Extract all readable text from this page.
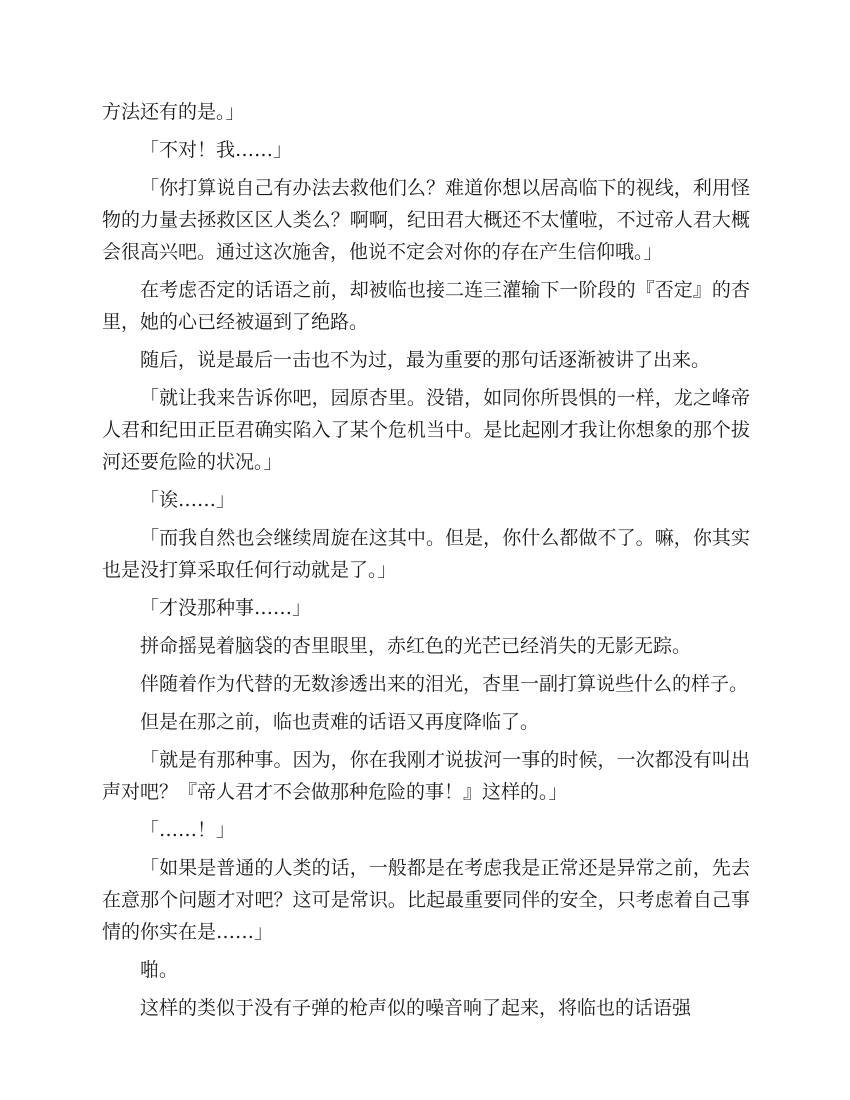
方法还有的是。」

「不对！我……」

「你打算说自己有办法去救他们么？难道你想以居高临下的视线，利用怪物的力量去拯救区区人类么？啊啊，纪田君大概还不太懂啦，不过帝人君大概会很高兴吧。通过这次施舍，他说不定会对你的存在产生信仰哦。」

在考虑否定的话语之前，却被临也接二连三灌输下一阶段的『否定』的杏里，她的心已经被逼到了绝路。

随后，说是最后一击也不为过，最为重要的那句话逐渐被讲了出来。

「就让我来告诉你吧，园原杏里。没错，如同你所畏惧的一样，龙之峰帝人君和纪田正臣君确实陷入了某个危机当中。是比起刚才我让你想象的那个拔河还要危险的状况。」

「诶……」

「而我自然也会继续周旋在这其中。但是，你什么都做不了。嘛，你其实也是没打算采取任何行动就是了。」

「才没那种事……」

拼命摇晃着脑袋的杏里眼里，赤红色的光芒已经消失的无影无踪。

伴随着作为代替的无数渗透出来的泪光，杏里一副打算说些什么的样子。

但是在那之前，临也责难的话语又再度降临了。

「就是有那种事。因为，你在我刚才说拔河一事的时候，一次都没有叫出声对吧？『帝人君才不会做那种危险的事！』这样的。」

「……！」

「如果是普通的人类的话，一般都是在考虑我是正常还是异常之前，先去在意那个问题才对吧？这可是常识。比起最重要同伴的安全，只考虑着自己事情的你实在是……」

啪。

这样的类似于没有子弹的枪声似的噪音响了起来，将临也的话语强
